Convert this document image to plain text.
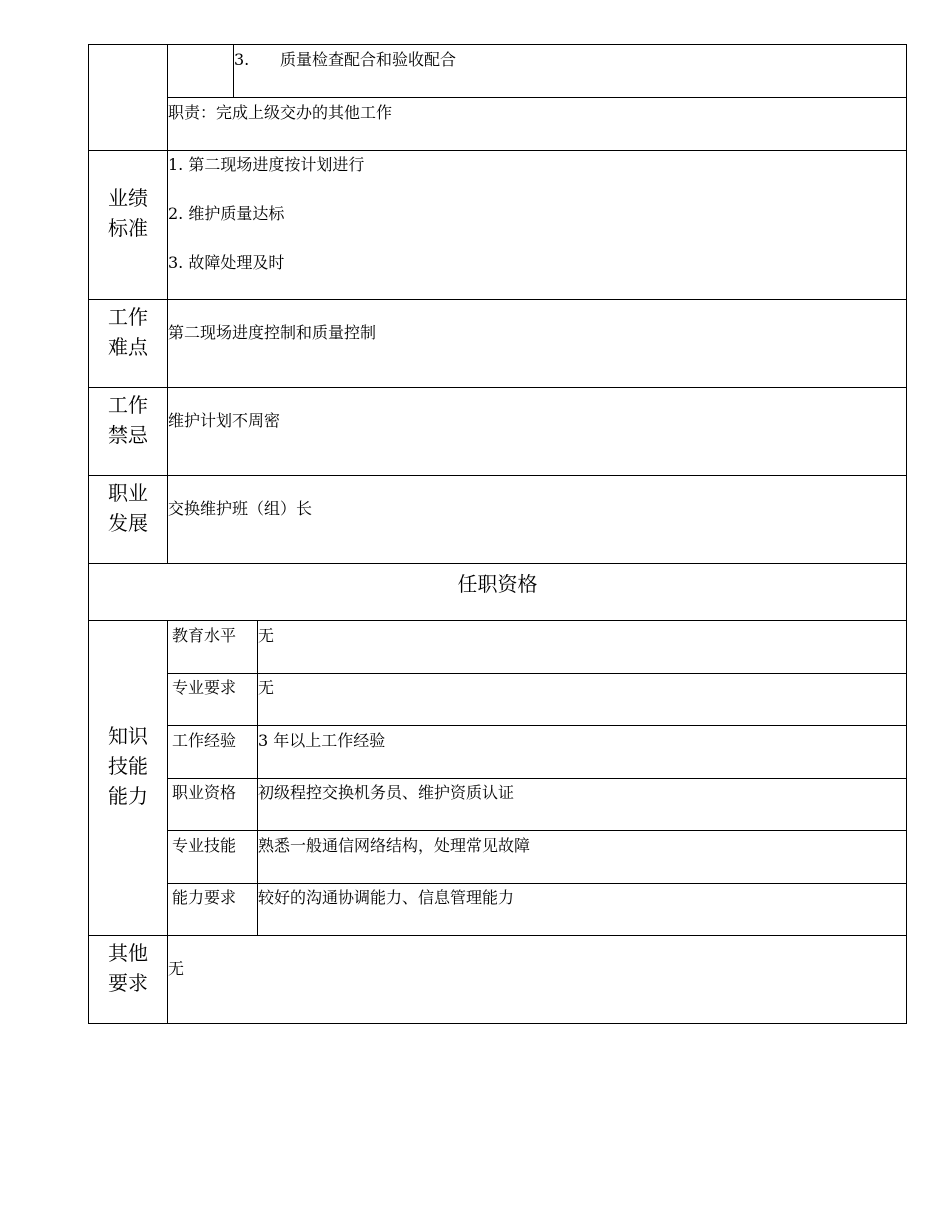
3. 质量检查配合和验收配合
职责：完成上级交办的其他工作
业绩
标准
1. 第二现场进度按计划进行
2. 维护质量达标
3. 故障处理及时
工作
难点
第二现场进度控制和质量控制
工作
禁忌
维护计划不周密
职业
发展
交换维护班（组）长
任职资格
知识
技能
能力
教育水平 无
专业要求 无
工作经验 3 年以上工作经验
职业资格 初级程控交换机务员、维护资质认证
专业技能 熟悉一般通信网络结构，处理常见故障
能力要求 较好的沟通协调能力、信息管理能力
其他
要求
无
